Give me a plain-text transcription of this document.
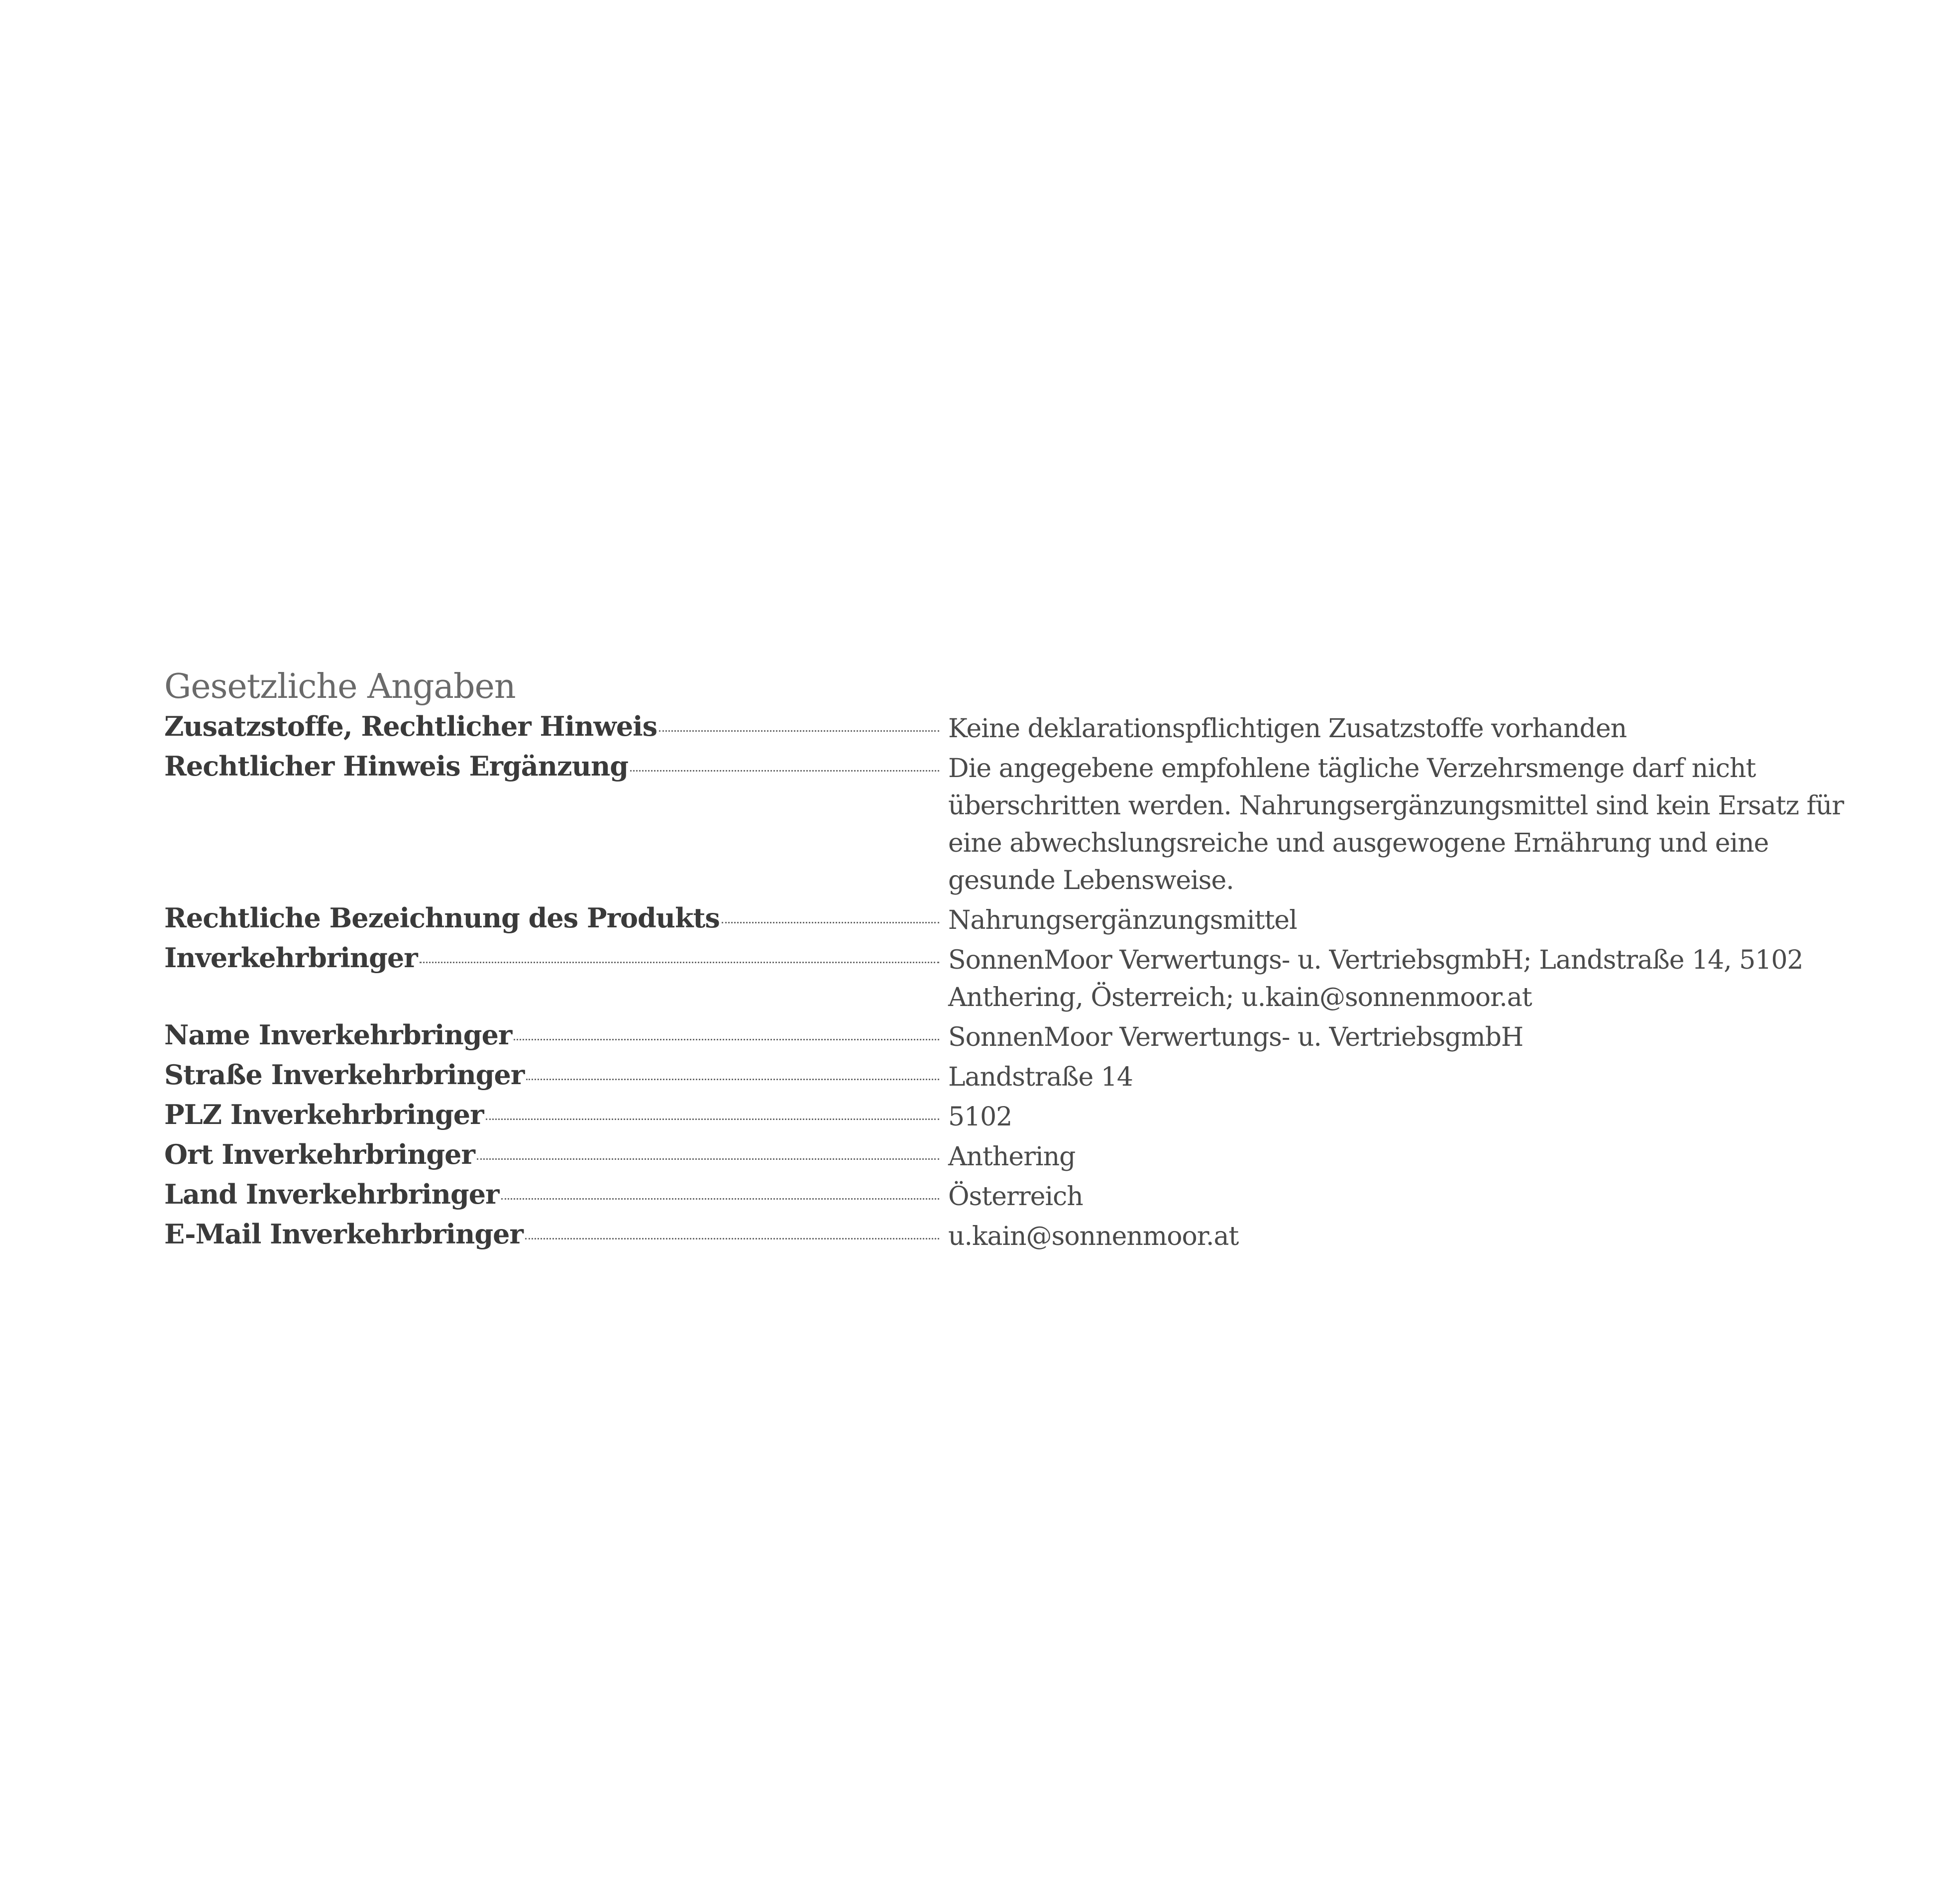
Gesetzliche Angaben
Zusatzstoffe, Rechtlicher Hinweis	Keine deklarationspflichtigen Zusatzstoffe vorhanden
Rechtlicher Hinweis Ergänzung	Die angegebene empfohlene tägliche Verzehrsmenge darf nicht überschritten werden. Nahrungsergänzungsmittel sind kein Ersatz für eine abwechslungsreiche und ausgewogene Ernährung und eine gesunde Lebensweise.
Rechtliche Bezeichnung des Produkts	Nahrungsergänzungsmittel
Inverkehrbringer	SonnenMoor Verwertungs- u. VertriebsgmbH; Landstraße 14, 5102 Anthering, Österreich; u.kain@sonnenmoor.at
Name Inverkehrbringer	SonnenMoor Verwertungs- u. VertriebsgmbH
Straße Inverkehrbringer	Landstraße 14
PLZ Inverkehrbringer	5102
Ort Inverkehrbringer	Anthering
Land Inverkehrbringer	Österreich
E-Mail Inverkehrbringer	u.kain@sonnenmoor.at
